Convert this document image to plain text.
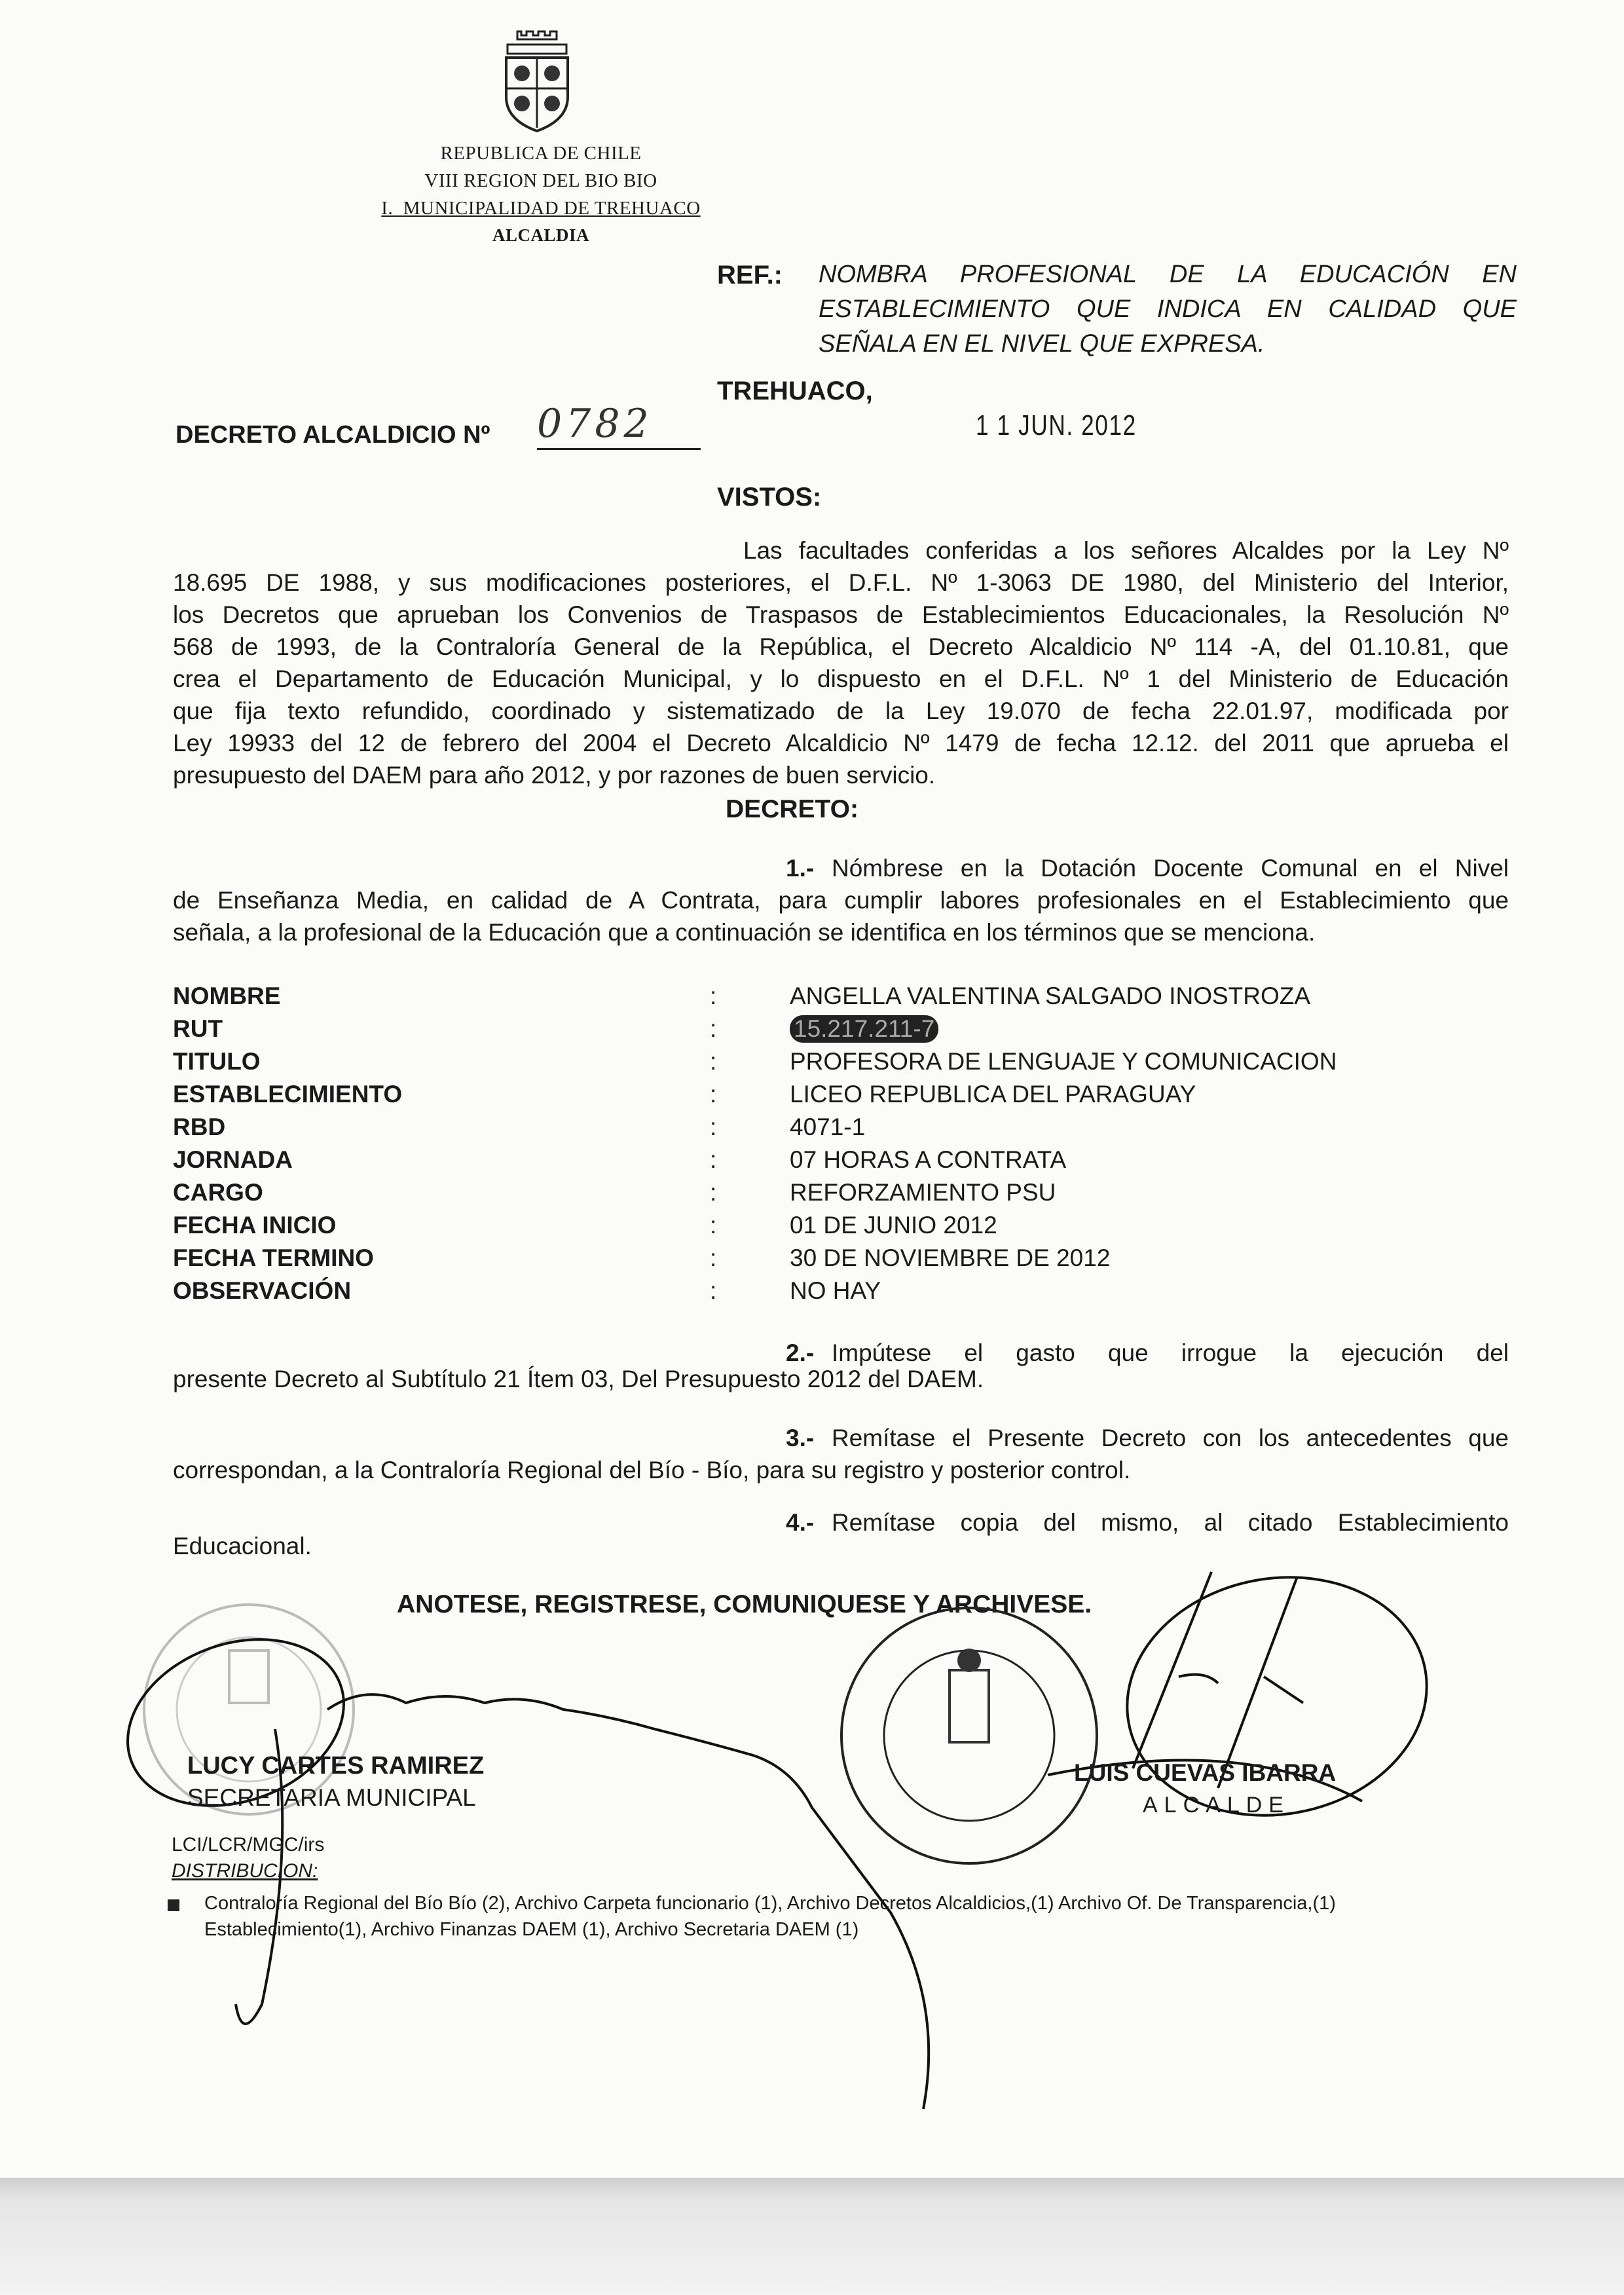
REPUBLICA DE CHILE
VIII REGION DEL BIO BIO
I. MUNICIPALIDAD DE TREHUACO
ALCALDIA
REF.: NOMBRA PROFESIONAL DE LA EDUCACIÓN EN
ESTABLECIMIENTO QUE INDICA EN CALIDAD QUE
SEÑALA EN EL NIVEL QUE EXPRESA.
TREHUACO,
DECRETO ALCALDICIO Nº 0782	1 1 JUN. 2012
VISTOS:
Las facultades conferidas a los señores Alcaldes por la Ley Nº
18.695 DE 1988, y sus modificaciones posteriores, el D.F.L. Nº 1-3063 DE 1980, del Ministerio del Interior,
los Decretos que aprueban los Convenios de Traspasos de Establecimientos Educacionales, la Resolución Nº
568 de 1993, de la Contraloría General de la República, el Decreto Alcaldicio Nº 114 -A, del 01.10.81, que
crea el Departamento de Educación Municipal, y lo dispuesto en el D.F.L. Nº 1 del Ministerio de Educación
que fija texto refundido, coordinado y sistematizado de la Ley 19.070 de fecha 22.01.97, modificada por
Ley 19933 del 12 de febrero del 2004 el Decreto Alcaldicio Nº 1479 de fecha 12.12. del 2011 que aprueba el
presupuesto del DAEM para año 2012, y por razones de buen servicio.
DECRETO:
1.- Nómbrese en la Dotación Docente Comunal en el Nivel
de Enseñanza Media, en calidad de A Contrata, para cumplir labores profesionales en el Establecimiento que
señala, a la profesional de la Educación que a continuación se identifica en los términos que se menciona.
NOMBRE	:	ANGELLA VALENTINA SALGADO INOSTROZA
RUT	:	15.217.211-7
TITULO	:	PROFESORA DE LENGUAJE Y COMUNICACION
ESTABLECIMIENTO	:	LICEO REPUBLICA DEL PARAGUAY
RBD	:	4071-1
JORNADA	:	07 HORAS A CONTRATA
CARGO	:	REFORZAMIENTO PSU
FECHA INICIO	:	01 DE JUNIO 2012
FECHA TERMINO	:	30 DE NOVIEMBRE DE 2012
OBSERVACIÓN	:	NO HAY
2.- Impútese el gasto que irrogue la ejecución del
presente Decreto al Subtítulo 21 Ítem 03, Del Presupuesto 2012 del DAEM.
3.- Remítase el Presente Decreto con los antecedentes que
correspondan, a la Contraloría Regional del Bío - Bío, para su registro y posterior control.
4.- Remítase copia del mismo, al citado Establecimiento
Educacional.
ANOTESE, REGISTRESE, COMUNIQUESE Y ARCHIVESE.
LUCY CARTES RAMIREZ
SECRETARIA MUNICIPAL
LUIS CUEVAS IBARRA
ALCALDE
LCI/LCR/MGC/irs
DISTRIBUCION:
Contraloría Regional del Bío Bío (2), Archivo Carpeta funcionario (1), Archivo Decretos Alcaldicios,(1) Archivo Of. De Transparencia,(1)
Establecimiento(1), Archivo Finanzas DAEM (1), Archivo Secretaria DAEM (1)
